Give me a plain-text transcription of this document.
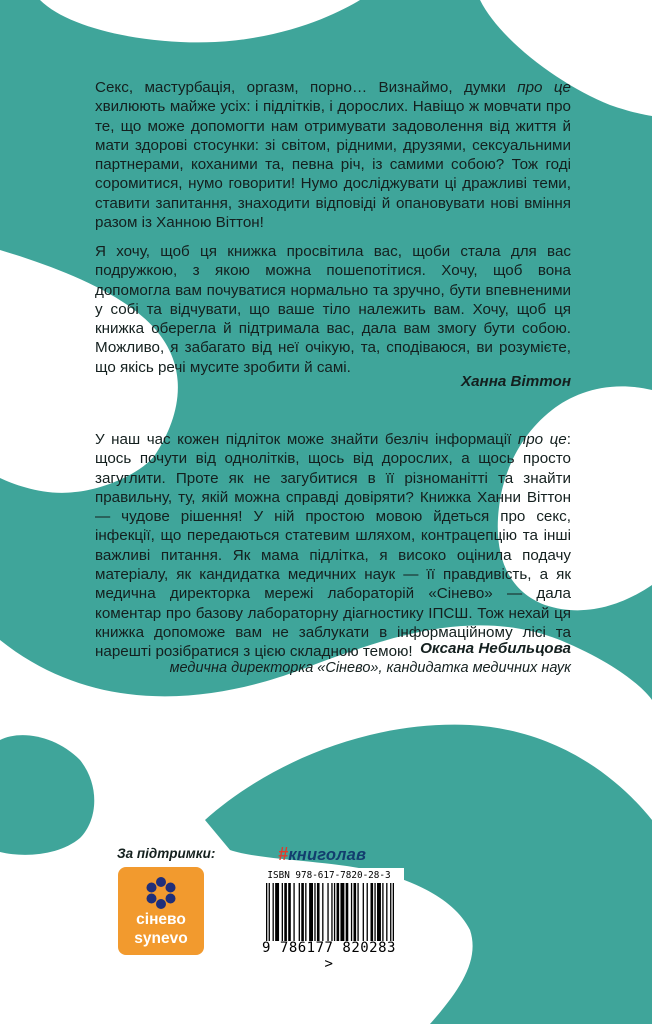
Секс, мастурбація, оргазм, порно… Визнаймо, думки про це хвилюють майже усіх: і підлітків, і дорослих. Навіщо ж мовчати про те, що може допомогти нам отримувати задоволення від життя й мати здорові стосунки: зі світом, рідними, друзями, сексуальними партнерами, коханими та, певна річ, із самими собою? Тож годі соромитися, нумо говорити! Нумо досліджувати ці дражливі теми, ставити запитання, знаходити відповіді й опановувати нові вміння разом із Ханною Віттон!
Я хочу, щоб ця книжка просвітила вас, щоби стала для вас подружкою, з якою можна пошепотітися. Хочу, щоб вона допомогла вам почуватися нормально та зручно, бути впевненими у собі та відчувати, що ваше тіло належить вам. Хочу, щоб ця книжка оберегла й підтримала вас, дала вам змогу бути собою. Можливо, я забагато від неї очікую, та, сподіваюся, ви розумієте, що якісь речі мусите зробити й самі.
Ханна Віттон
У наш час кожен підліток може знайти безліч інформації про це: щось почути від однолітків, щось від дорослих, а щось просто загуглити. Проте як не загубитися в її різноманітті та знайти правильну, ту, якій можна справді довіряти? Книжка Ханни Віттон — чудове рішення! У ній простою мовою йдеться про секс, інфекції, що передаються статевим шляхом, контрацепцію та інші важливі питання. Як мама підлітка, я високо оцінила подачу матеріалу, як кандидатка медичних наук — її правдивість, а як медична директорка мережі лабораторій «Сінево» — дала коментар про базову лабораторну діагностику ІПСШ. Тож нехай ця книжка допоможе вам не заблукати в інформаційному лісі та нарешті розібратися з цією складною темою! Оксана Небильцова
медична директорка «Сінево», кандидатка медичних наук
За підтримки:
сінево
synevo
#книголав
ISBN 978-617-7820-28-3
9 786177 820283 >
